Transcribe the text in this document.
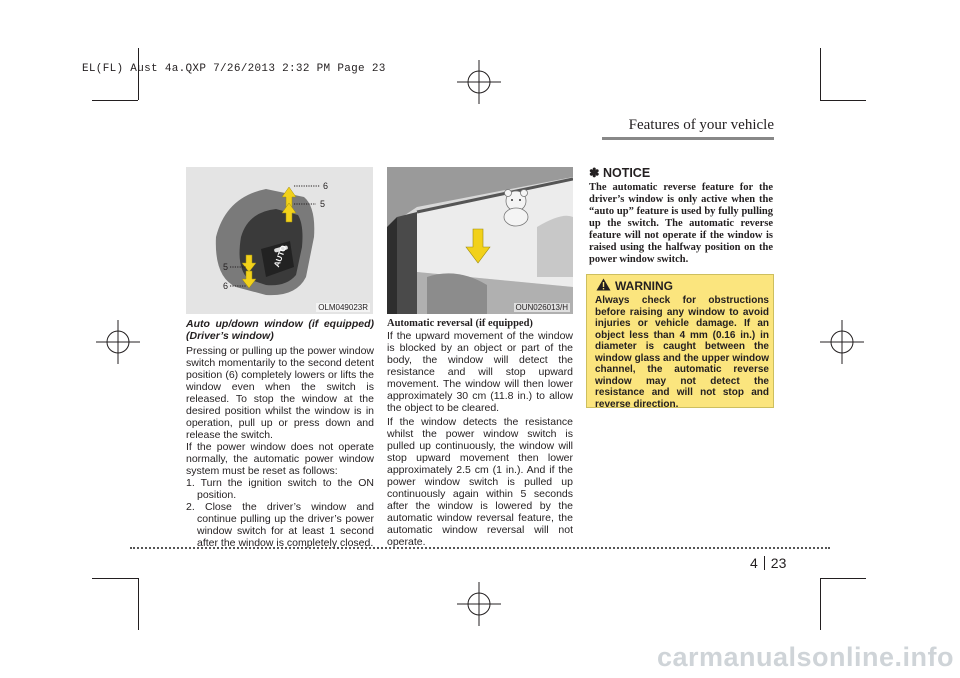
EL(FL) Aust 4a.QXP 7/26/2013 2:32 PM Page 23
Features of your vehicle
AUTO
6
5
5
6
OLM049023R	OUN026013/H

Auto up/down window (if equipped) (Driver’s window)

Pressing or pulling up the power window switch momentarily to the second detent position (6) completely lowers or lifts the window even when the switch is released. To stop the window at the desired position whilst the window is in operation, pull up or press down and release the switch.

If the power window does not operate normally, the automatic power window system must be reset as follows:

1. Turn the ignition switch to the ON position.
2. Close the driver’s window and continue pulling up the driver’s power window switch for at least 1 second after the window is completely closed.

Automatic reversal (if equipped)

If the upward movement of the window is blocked by an object or part of the body, the window will detect the resistance and will stop upward movement. The window will then lower approximately 30 cm (11.8 in.) to allow the object to be cleared.

If the window detects the resistance whilst the power window switch is pulled up continuously, the window will stop upward movement then lower approximately 2.5 cm (1 in.). And if the power window switch is pulled up continuously again within 5 seconds after the window is lowered by the automatic window reversal feature, the automatic window reversal will not operate.

✽ NOTICE
The automatic reverse feature for the driver’s window is only active when the “auto up” feature is used by fully pulling up the switch. The automatic reverse feature will not operate if the window is raised using the halfway position on the power window switch.
WARNING
Always check for obstructions before raising any window to avoid injuries or vehicle damage. If an object less than 4 mm (0.16 in.) in diameter is caught between the window glass and the upper window channel, the automatic reverse window may not detect the resistance and will not stop and reverse direction.
4 23
carmanualsonline.info
